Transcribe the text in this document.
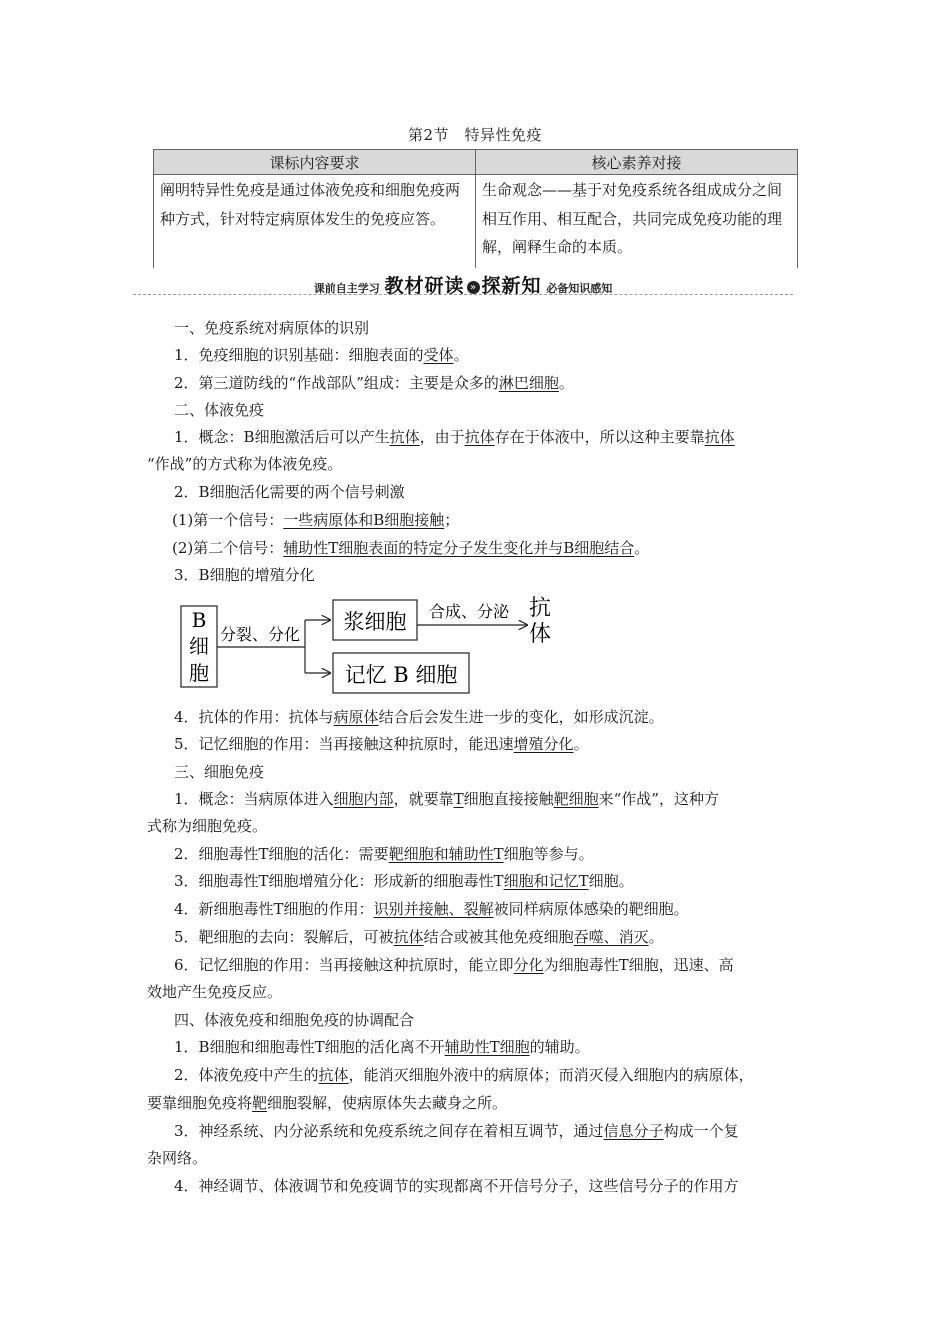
第2节　特异性免疫
课标内容要求	核心素养对接
阐明特异性免疫是通过体液免疫和细胞免疫两种方式，针对特定病原体发生的免疫应答。	生命观念——基于对免疫系统各组成成分之间相互作用、相互配合，共同完成免疫功能的理解，阐释生命的本质。
课前自主学习 教材研读 » 探新知 必备知识感知
一、免疫系统对病原体的识别
1．免疫细胞的识别基础：细胞表面的受体。
2．第三道防线的“作战部队”组成：主要是众多的淋巴细胞。
二、体液免疫
1．概念：B细胞激活后可以产生抗体，由于抗体存在于体液中，所以这种主要靠抗体
“作战”的方式称为体液免疫。
2．B细胞活化需要的两个信号刺激
(1)第一个信号：一些病原体和B细胞接触；
(2)第二个信号：辅助性T细胞表面的特定分子发生变化并与B细胞结合。
3．B细胞的增殖分化
4．抗体的作用：抗体与病原体结合后会发生进一步的变化，如形成沉淀。
5．记忆细胞的作用：当再接触这种抗原时，能迅速增殖分化。
三、细胞免疫
1．概念：当病原体进入细胞内部，就要靠T细胞直接接触靶细胞来“作战”，这种方
式称为细胞免疫。
2．细胞毒性T细胞的活化：需要靶细胞和辅助性T细胞等参与。
3．细胞毒性T细胞增殖分化：形成新的细胞毒性T细胞和记忆T细胞。
4．新细胞毒性T细胞的作用：识别并接触、裂解被同样病原体感染的靶细胞。
5．靶细胞的去向：裂解后，可被抗体结合或被其他免疫细胞吞噬、消灭。
6．记忆细胞的作用：当再接触这种抗原时，能立即分化为细胞毒性T细胞，迅速、高
效地产生免疫反应。
四、体液免疫和细胞免疫的协调配合
1．B细胞和细胞毒性T细胞的活化离不开辅助性T细胞的辅助。
2．体液免疫中产生的抗体，能消灭细胞外液中的病原体；而消灭侵入细胞内的病原体，
要靠细胞免疫将靶细胞裂解，使病原体失去藏身之所。
3．神经系统、内分泌系统和免疫系统之间存在着相互调节，通过信息分子构成一个复
杂网络。
4．神经调节、体液调节和免疫调节的实现都离不开信号分子，这些信号分子的作用方
B
细
胞
分裂、分化
浆细胞 合成、分泌 抗
体
记忆 B 细胞
